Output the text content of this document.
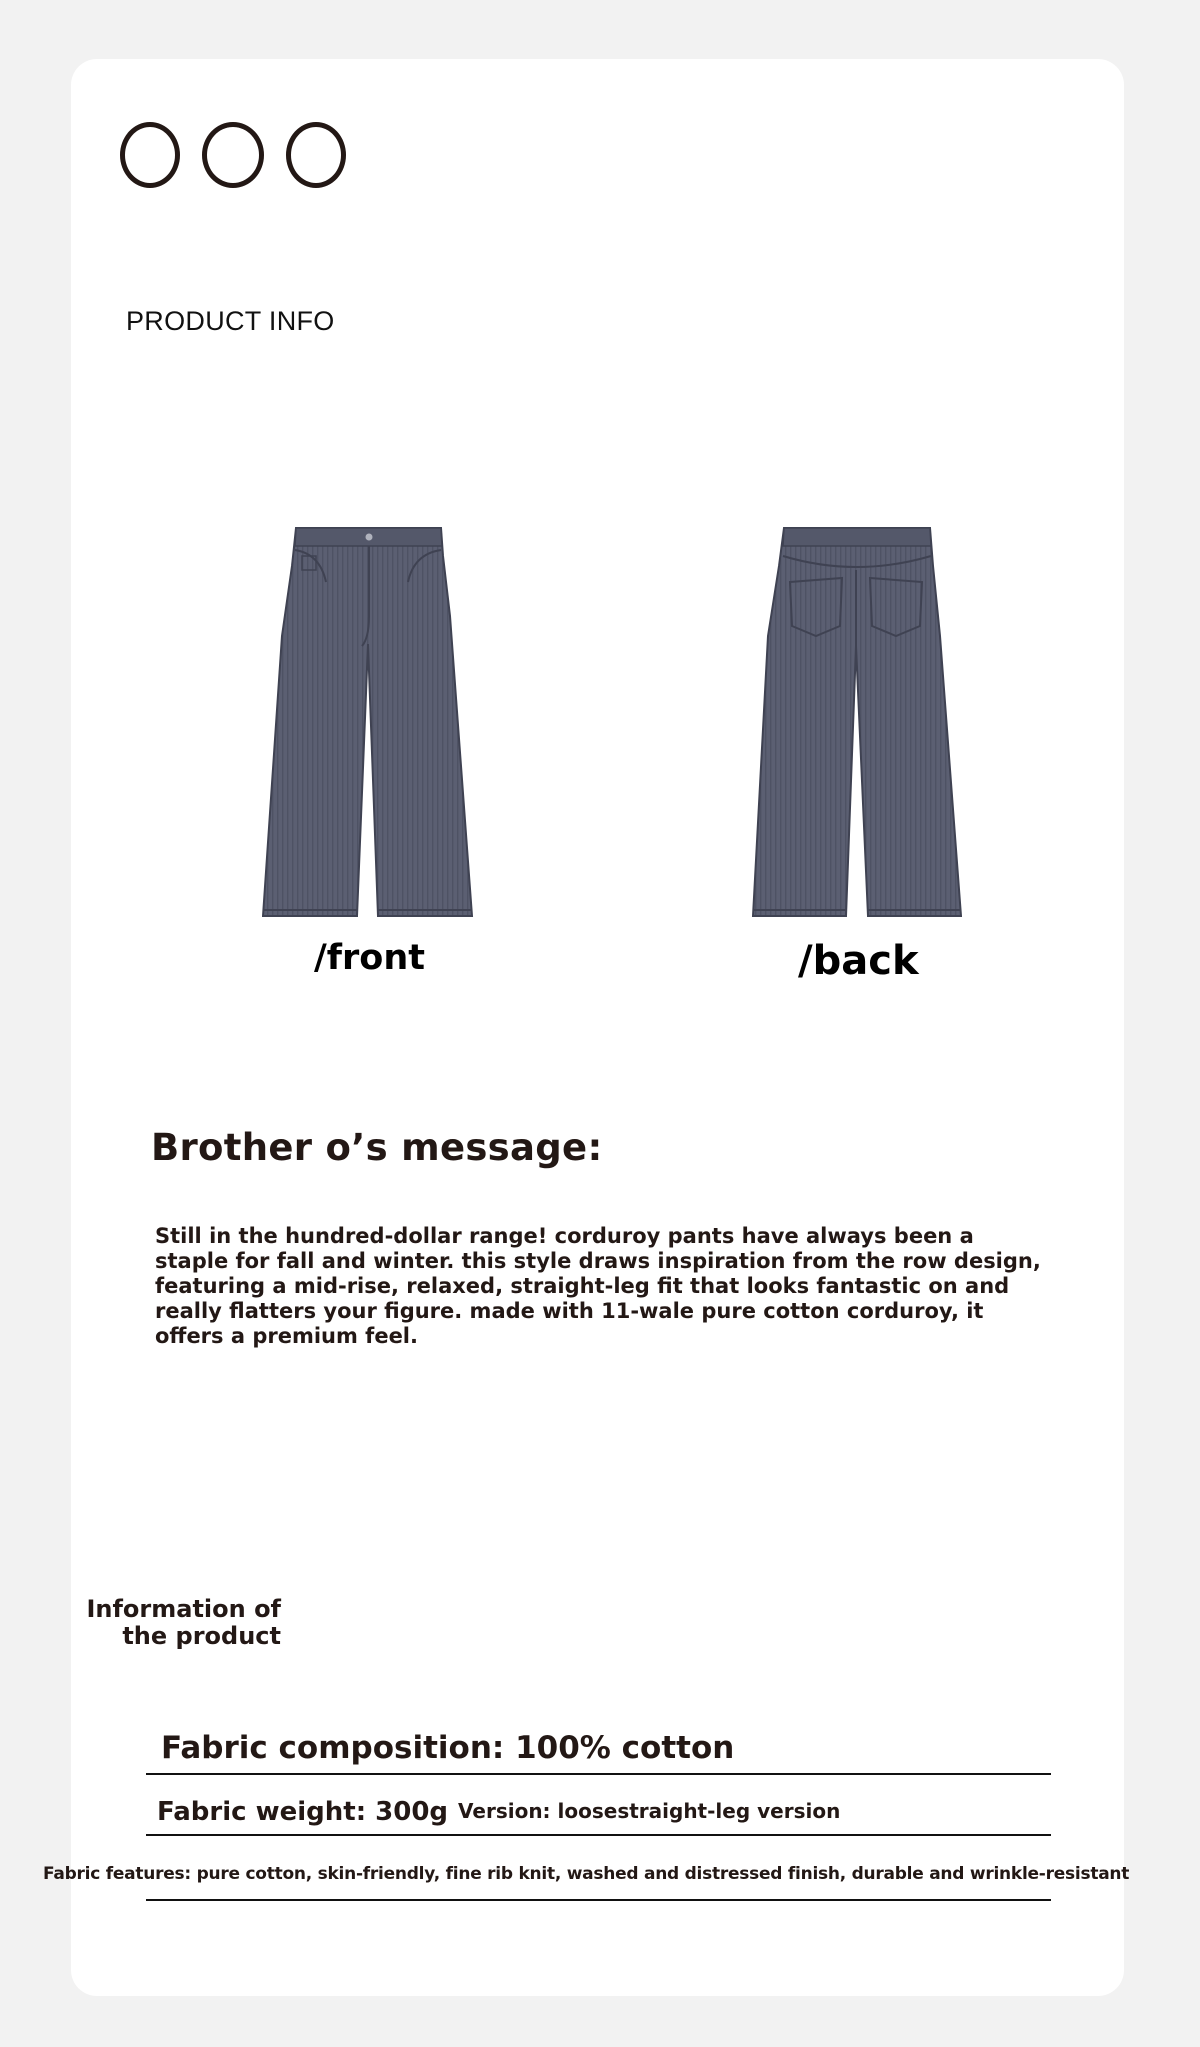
PRODUCT INFO
/front	/back
Brother o’s message:
Still in the hundred-dollar range! corduroy pants have always been a staple for fall and winter. this style draws inspiration from the row design, featuring a mid-rise, relaxed, straight-leg fit that looks fantastic on and really flatters your figure. made with 11-wale pure cotton corduroy, it offers a premium feel.
Information of the product
Fabric composition: 100% cotton
Fabric weight: 300g Version: loosestraight-leg version
Fabric features: pure cotton, skin-friendly, fine rib knit, washed and distressed finish, durable and wrinkle-resistant
